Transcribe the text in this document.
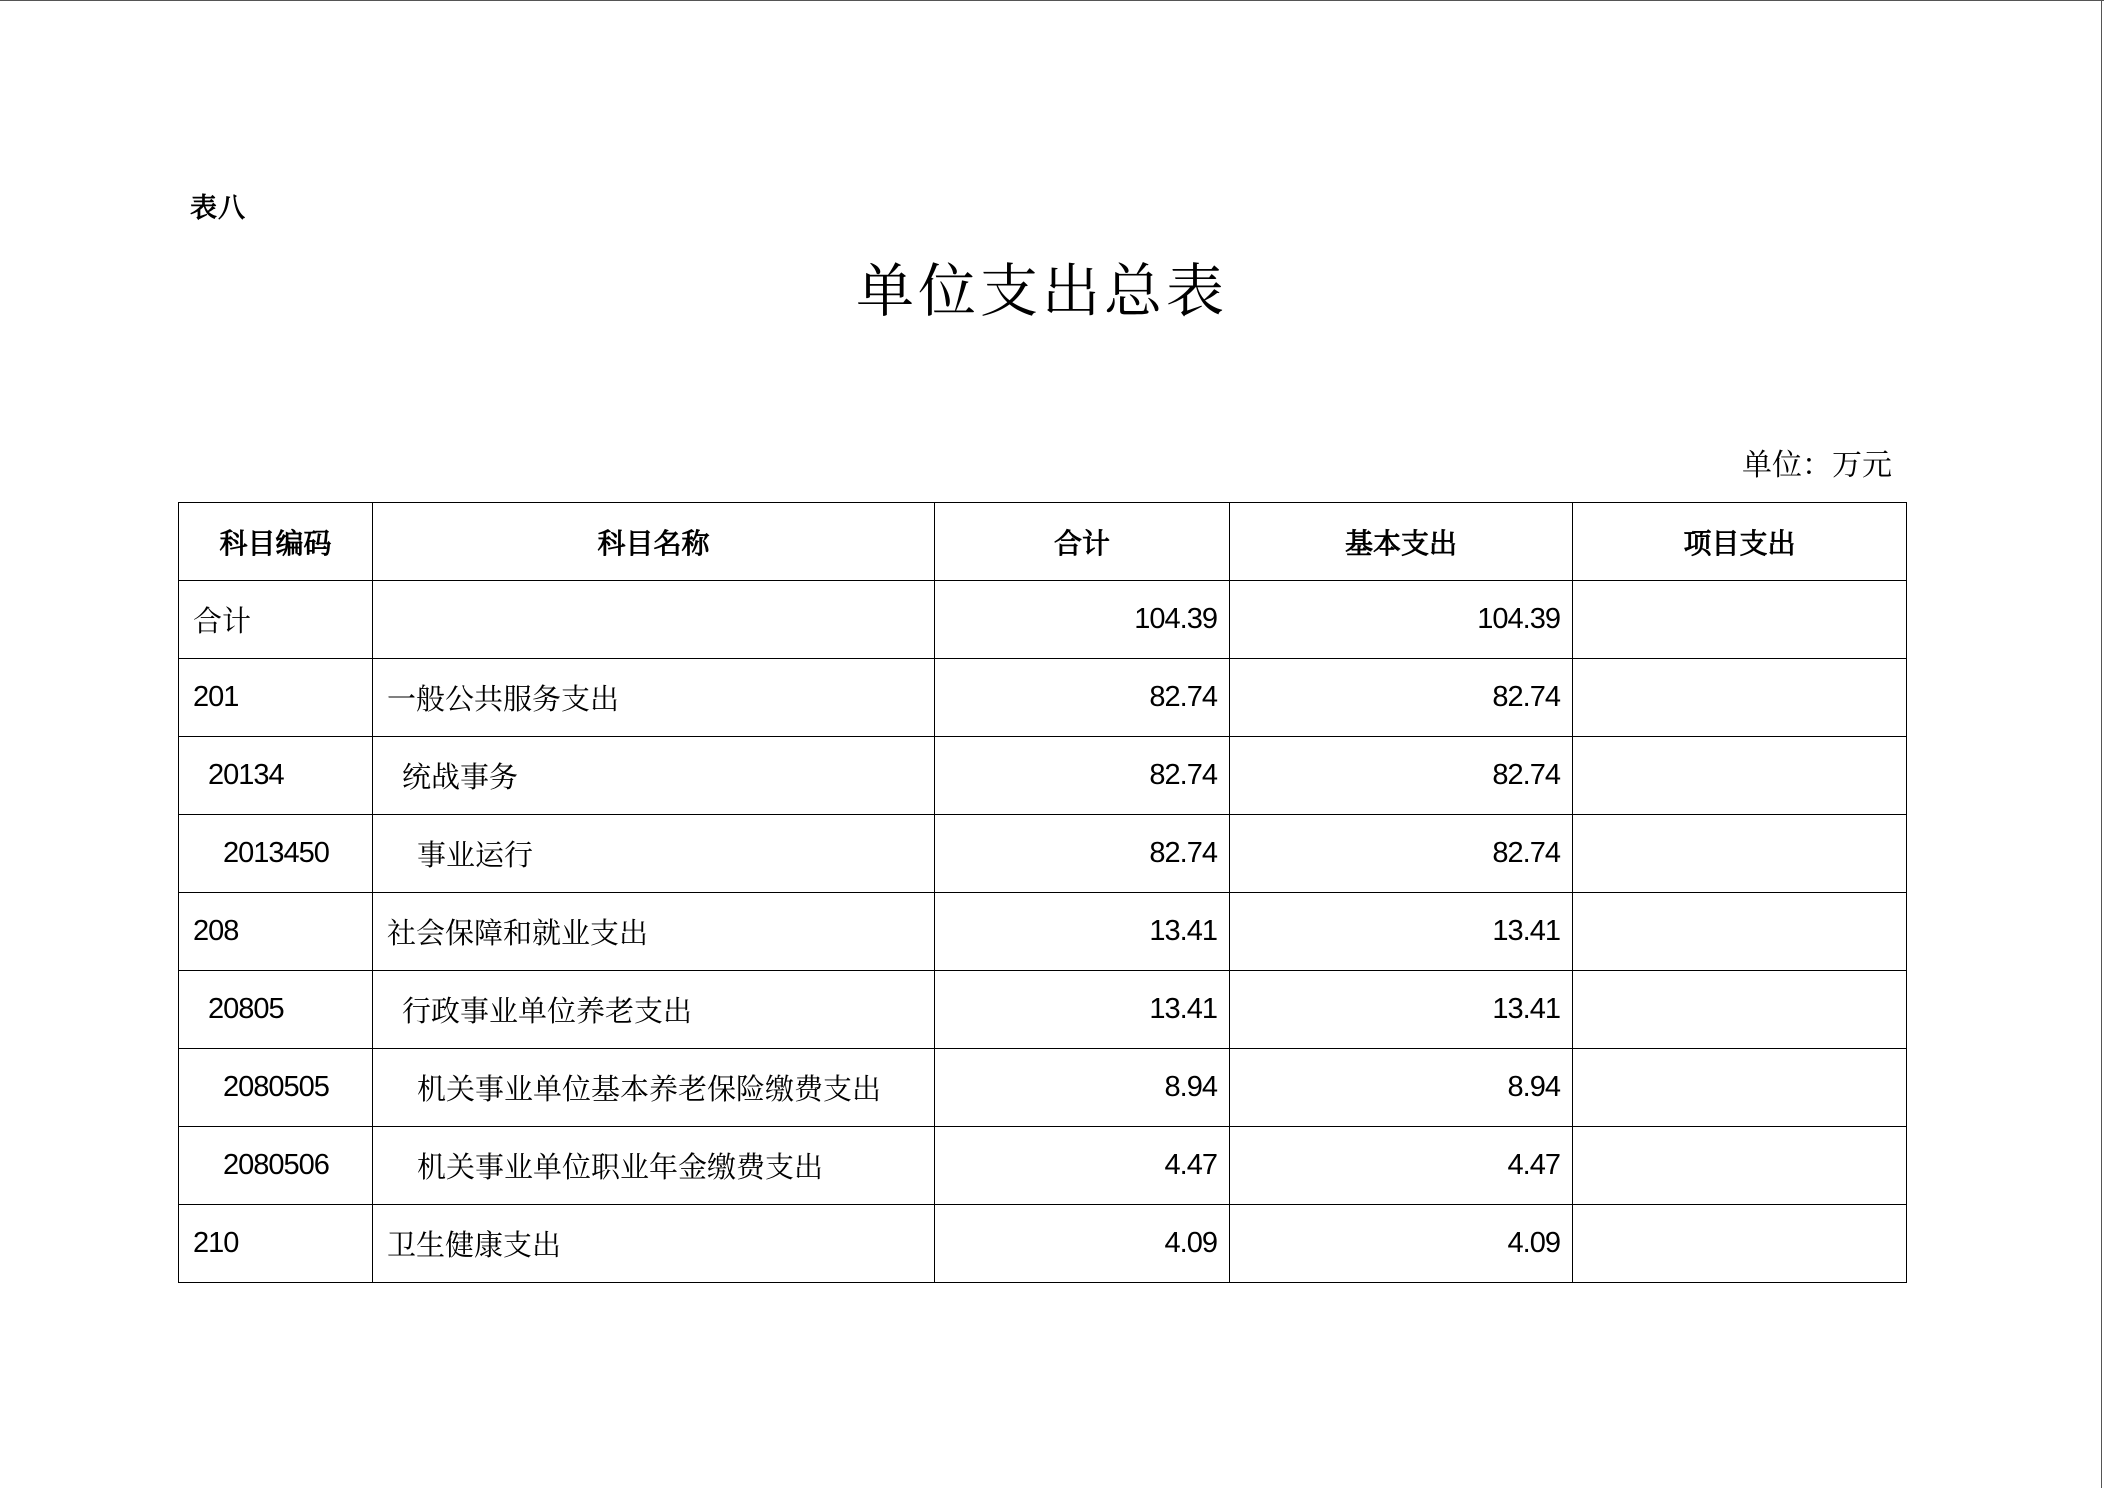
表八
单位支出总表
单位：万元
科目编码	科目名称	合计	基本支出	项目支出
合计		104.39	104.39	
201	一般公共服务支出	82.74	82.74	
20134	统战事务	82.74	82.74	
2013450	事业运行	82.74	82.74	
208	社会保障和就业支出	13.41	13.41	
20805	行政事业单位养老支出	13.41	13.41	
2080505	机关事业单位基本养老保险缴费支出	8.94	8.94	
2080506	机关事业单位职业年金缴费支出	4.47	4.47	
210	卫生健康支出	4.09	4.09	
